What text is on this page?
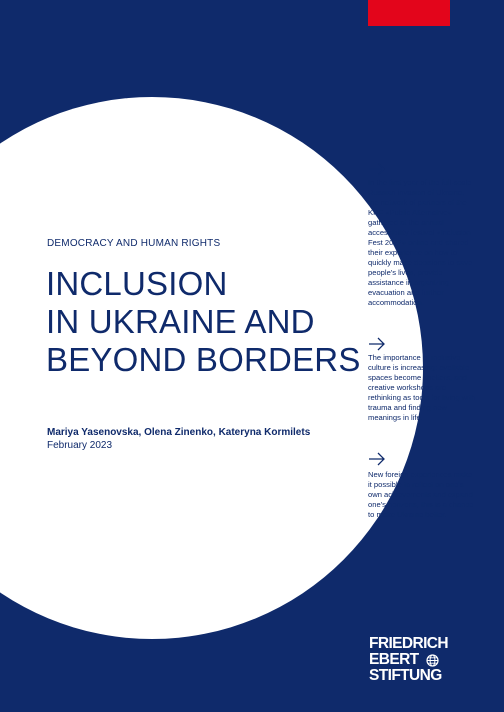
DEMOCRACY AND HUMAN RIGHTS
INCLUSION
IN UKRAINE AND
BEYOND BORDERS
Mariya Yasenovska, Olena Zinenko, Kateryna Kormilets
February 2023
In the first year of the full-scale Russian invasion of Ukraine, the network of partners of the KRF «Public Alternative» gathered at the annual accessibility festival «Inclusion Fest 2022» online and shared their experience on how to quickly make decisions to save people's lives, provide assistance in organizing evacuation and further accommodation.
The importance of inclusive culture is increasing: available spaces become shelters, and creative workshops are rethinking as tools for living with trauma and finding new meanings in life.
New foreign experiences make it possible to reflect on one's own achievements and expand one's horizons, this is a chance to make Ukraine better.
FRIEDRICH
EBERT
STIFTUNG
